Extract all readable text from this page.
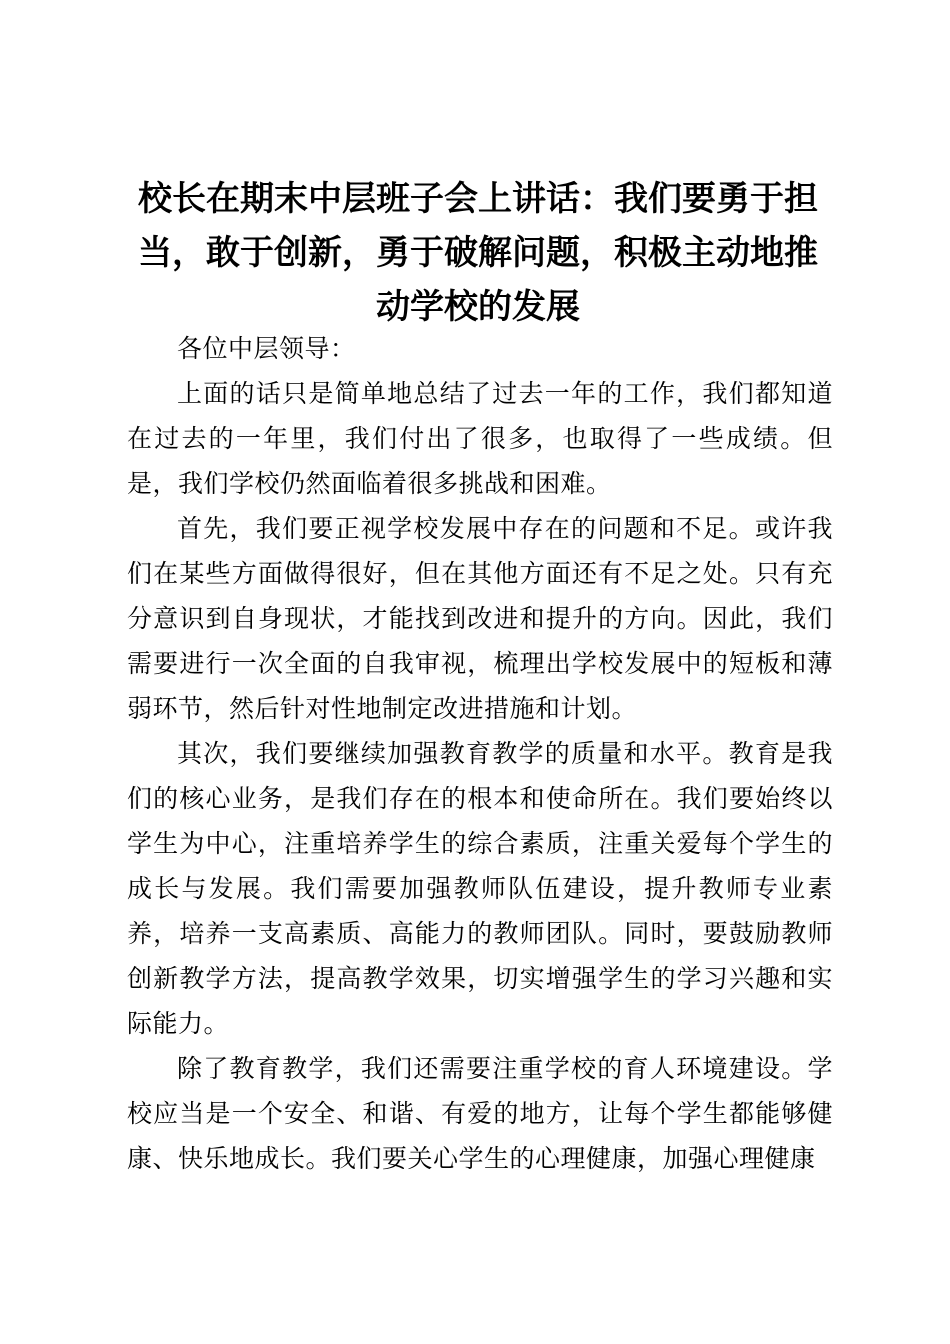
校长在期末中层班子会上讲话：我们要勇于担当，敢于创新，勇于破解问题，积极主动地推动学校的发展

各位中层领导：

上面的话只是简单地总结了过去一年的工作，我们都知道在过去的一年里，我们付出了很多，也取得了一些成绩。但是，我们学校仍然面临着很多挑战和困难。

首先，我们要正视学校发展中存在的问题和不足。或许我们在某些方面做得很好，但在其他方面还有不足之处。只有充分意识到自身现状，才能找到改进和提升的方向。因此，我们需要进行一次全面的自我审视，梳理出学校发展中的短板和薄弱环节，然后针对性地制定改进措施和计划。

其次，我们要继续加强教育教学的质量和水平。教育是我们的核心业务，是我们存在的根本和使命所在。我们要始终以学生为中心，注重培养学生的综合素质，注重关爱每个学生的成长与发展。我们需要加强教师队伍建设，提升教师专业素养，培养一支高素质、高能力的教师团队。同时，要鼓励教师创新教学方法，提高教学效果，切实增强学生的学习兴趣和实际能力。

除了教育教学，我们还需要注重学校的育人环境建设。学校应当是一个安全、和谐、有爱的地方，让每个学生都能够健康、快乐地成长。我们要关心学生的心理健康，加强心理健康
